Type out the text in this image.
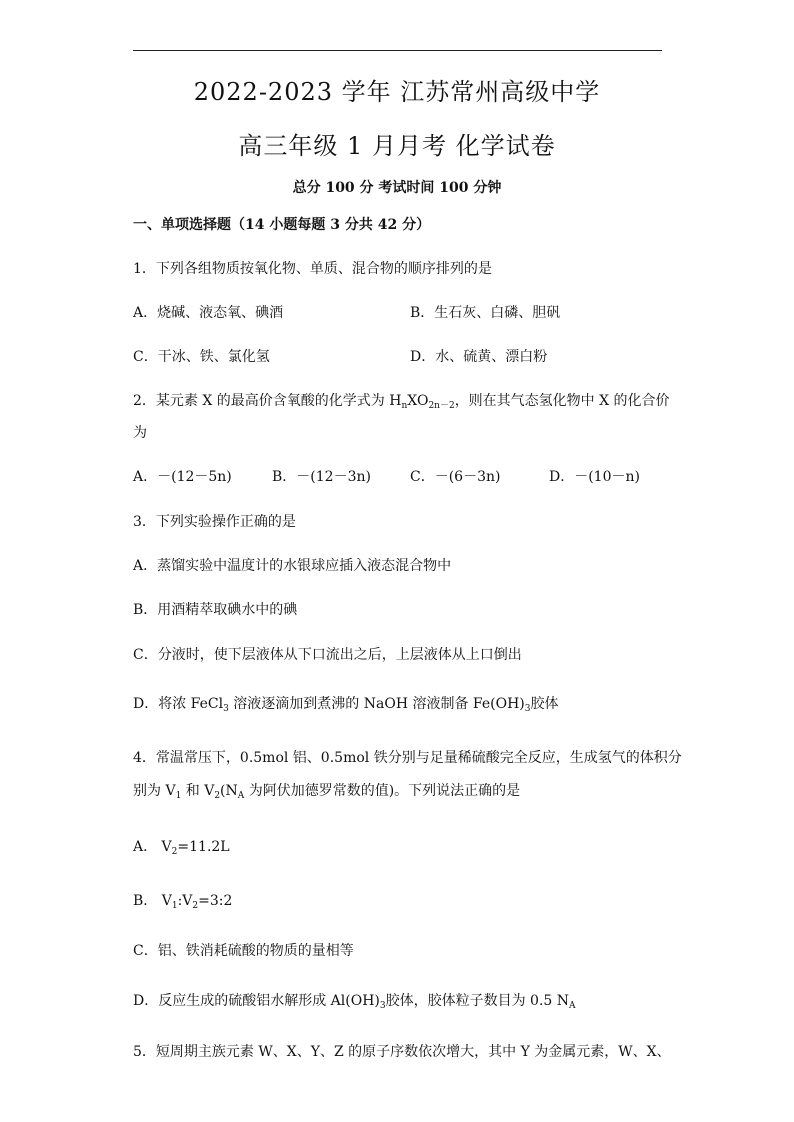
2022-2023 学年 江苏常州高级中学
高三年级 1 月月考 化学试卷
总分 100 分 考试时间 100 分钟
一、单项选择题（14 小题每题 3 分共 42 分）
1．下列各组物质按氧化物、单质、混合物的顺序排列的是
A．烧碱、液态氧、碘酒	B．生石灰、白磷、胆矾
C．干冰、铁、氯化氢	D．水、硫黄、漂白粉
2．某元素 X 的最高价含氧酸的化学式为 $H_nXO_{2n-2}$，则在其气态氢化物中 X 的化合价
为
A．－(12－5n)	B．－(12－3n)	C．－(6－3n)	D．－(10－n)
3．下列实验操作正确的是
A．蒸馏实验中温度计的水银球应插入液态混合物中
B．用酒精萃取碘水中的碘
C．分液时，使下层液体从下口流出之后，上层液体从上口倒出
D．将浓 FeCl$_3$ 溶液逐滴加到煮沸的 NaOH 溶液制备 $Fe(OH)_3$胶体
4．常温常压下，0.5mol 铝、0.5mol 铁分别与足量稀硫酸完全反应，生成氢气的体积分
别为 $V_1$ 和 $V_2(N_A$ 为阿伏加德罗常数的值)。下列说法正确的是
A． $V_2=11.2L$
B． $V_1:V_2=3:2$
C．铝、铁消耗硫酸的物质的量相等
D．反应生成的硫酸铝水解形成 $Al(OH)_3$胶体，胶体粒子数目为 0.5 $N_A$
5．短周期主族元素 W、X、Y、Z 的原子序数依次增大，其中 Y 为金属元素，W、X、
